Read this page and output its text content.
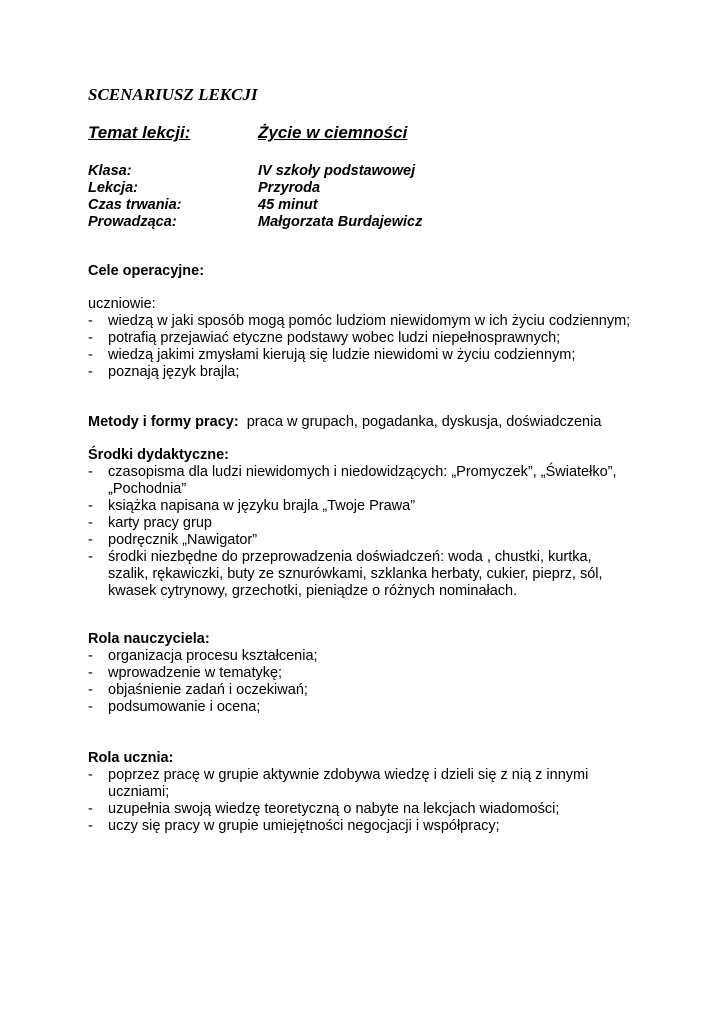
SCENARIUSZ LEKCJI
Temat lekcji:	Życie w ciemności
Klasa:	IV szkoły podstawowej
Lekcja:	Przyroda
Czas trwania:	45 minut
Prowadząca:	Małgorzata Burdajewicz
Cele operacyjne:
uczniowie:
- wiedzą w jaki sposób mogą pomóc ludziom niewidomym w ich życiu codziennym;
- potrafią przejawiać etyczne podstawy wobec ludzi niepełnosprawnych;
- wiedzą jakimi zmysłami kierują się ludzie niewidomi w życiu codziennym;
- poznają język brajla;
Metody i formy pracy: praca w grupach, pogadanka, dyskusja, doświadczenia
Środki dydaktyczne:
- czasopisma dla ludzi niewidomych i niedowidzących: „Promyczek”, „Światełko”, „Pochodnia”
- książka napisana w języku brajla „Twoje Prawa”
- karty pracy grup
- podręcznik „Nawigator”
- środki niezbędne do przeprowadzenia doświadczeń: woda , chustki, kurtka, szalik, rękawiczki, buty ze sznurówkami, szklanka herbaty, cukier, pieprz, sól, kwasek cytrynowy, grzechotki, pieniądze o różnych nominałach.
Rola nauczyciela:
- organizacja procesu kształcenia;
- wprowadzenie w tematykę;
- objaśnienie zadań i oczekiwań;
- podsumowanie i ocena;
Rola ucznia:
- poprzez pracę w grupie aktywnie zdobywa wiedzę i dzieli się z nią z innymi uczniami;
- uzupełnia swoją wiedzę teoretyczną o nabyte na lekcjach wiadomości;
- uczy się pracy w grupie umiejętności negocjacji i współpracy;
